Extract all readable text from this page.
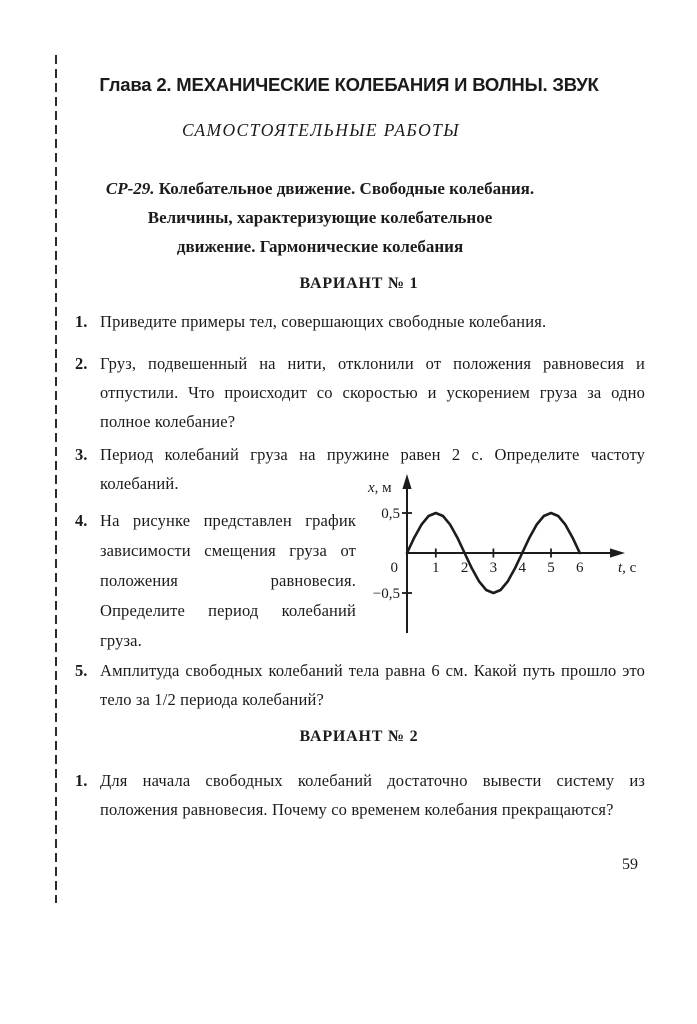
Глава 2. МЕХАНИЧЕСКИЕ КОЛЕБАНИЯ И ВОЛНЫ. ЗВУК
САМОСТОЯТЕЛЬНЫЕ РАБОТЫ
СР-29. Колебательное движение. Свободные колебания.
Величины, характеризующие колебательное
движение. Гармонические колебания
ВАРИАНТ № 1
1. Приведите примеры тел, совершающих свободные колебания.
2. Груз, подвешенный на нити, отклонили от положения равновесия и отпустили. Что происходит со скоростью и ускорением груза за одно полное колебание?
3. Период колебаний груза на пружине равен 2 с. Определите частоту колебаний.
4. На рисунке представлен график зависимости смещения груза от положения равновесия. Определите период колебаний груза.
x, м
0,5
−0,5
0 1 2 3 4 5 6 t, с
5. Амплитуда свободных колебаний тела равна 6 см. Какой путь прошло это тело за 1/2 периода колебаний?
ВАРИАНТ № 2
1. Для начала свободных колебаний достаточно вывести систему из положения равновесия. Почему со временем колебания прекращаются?
59
